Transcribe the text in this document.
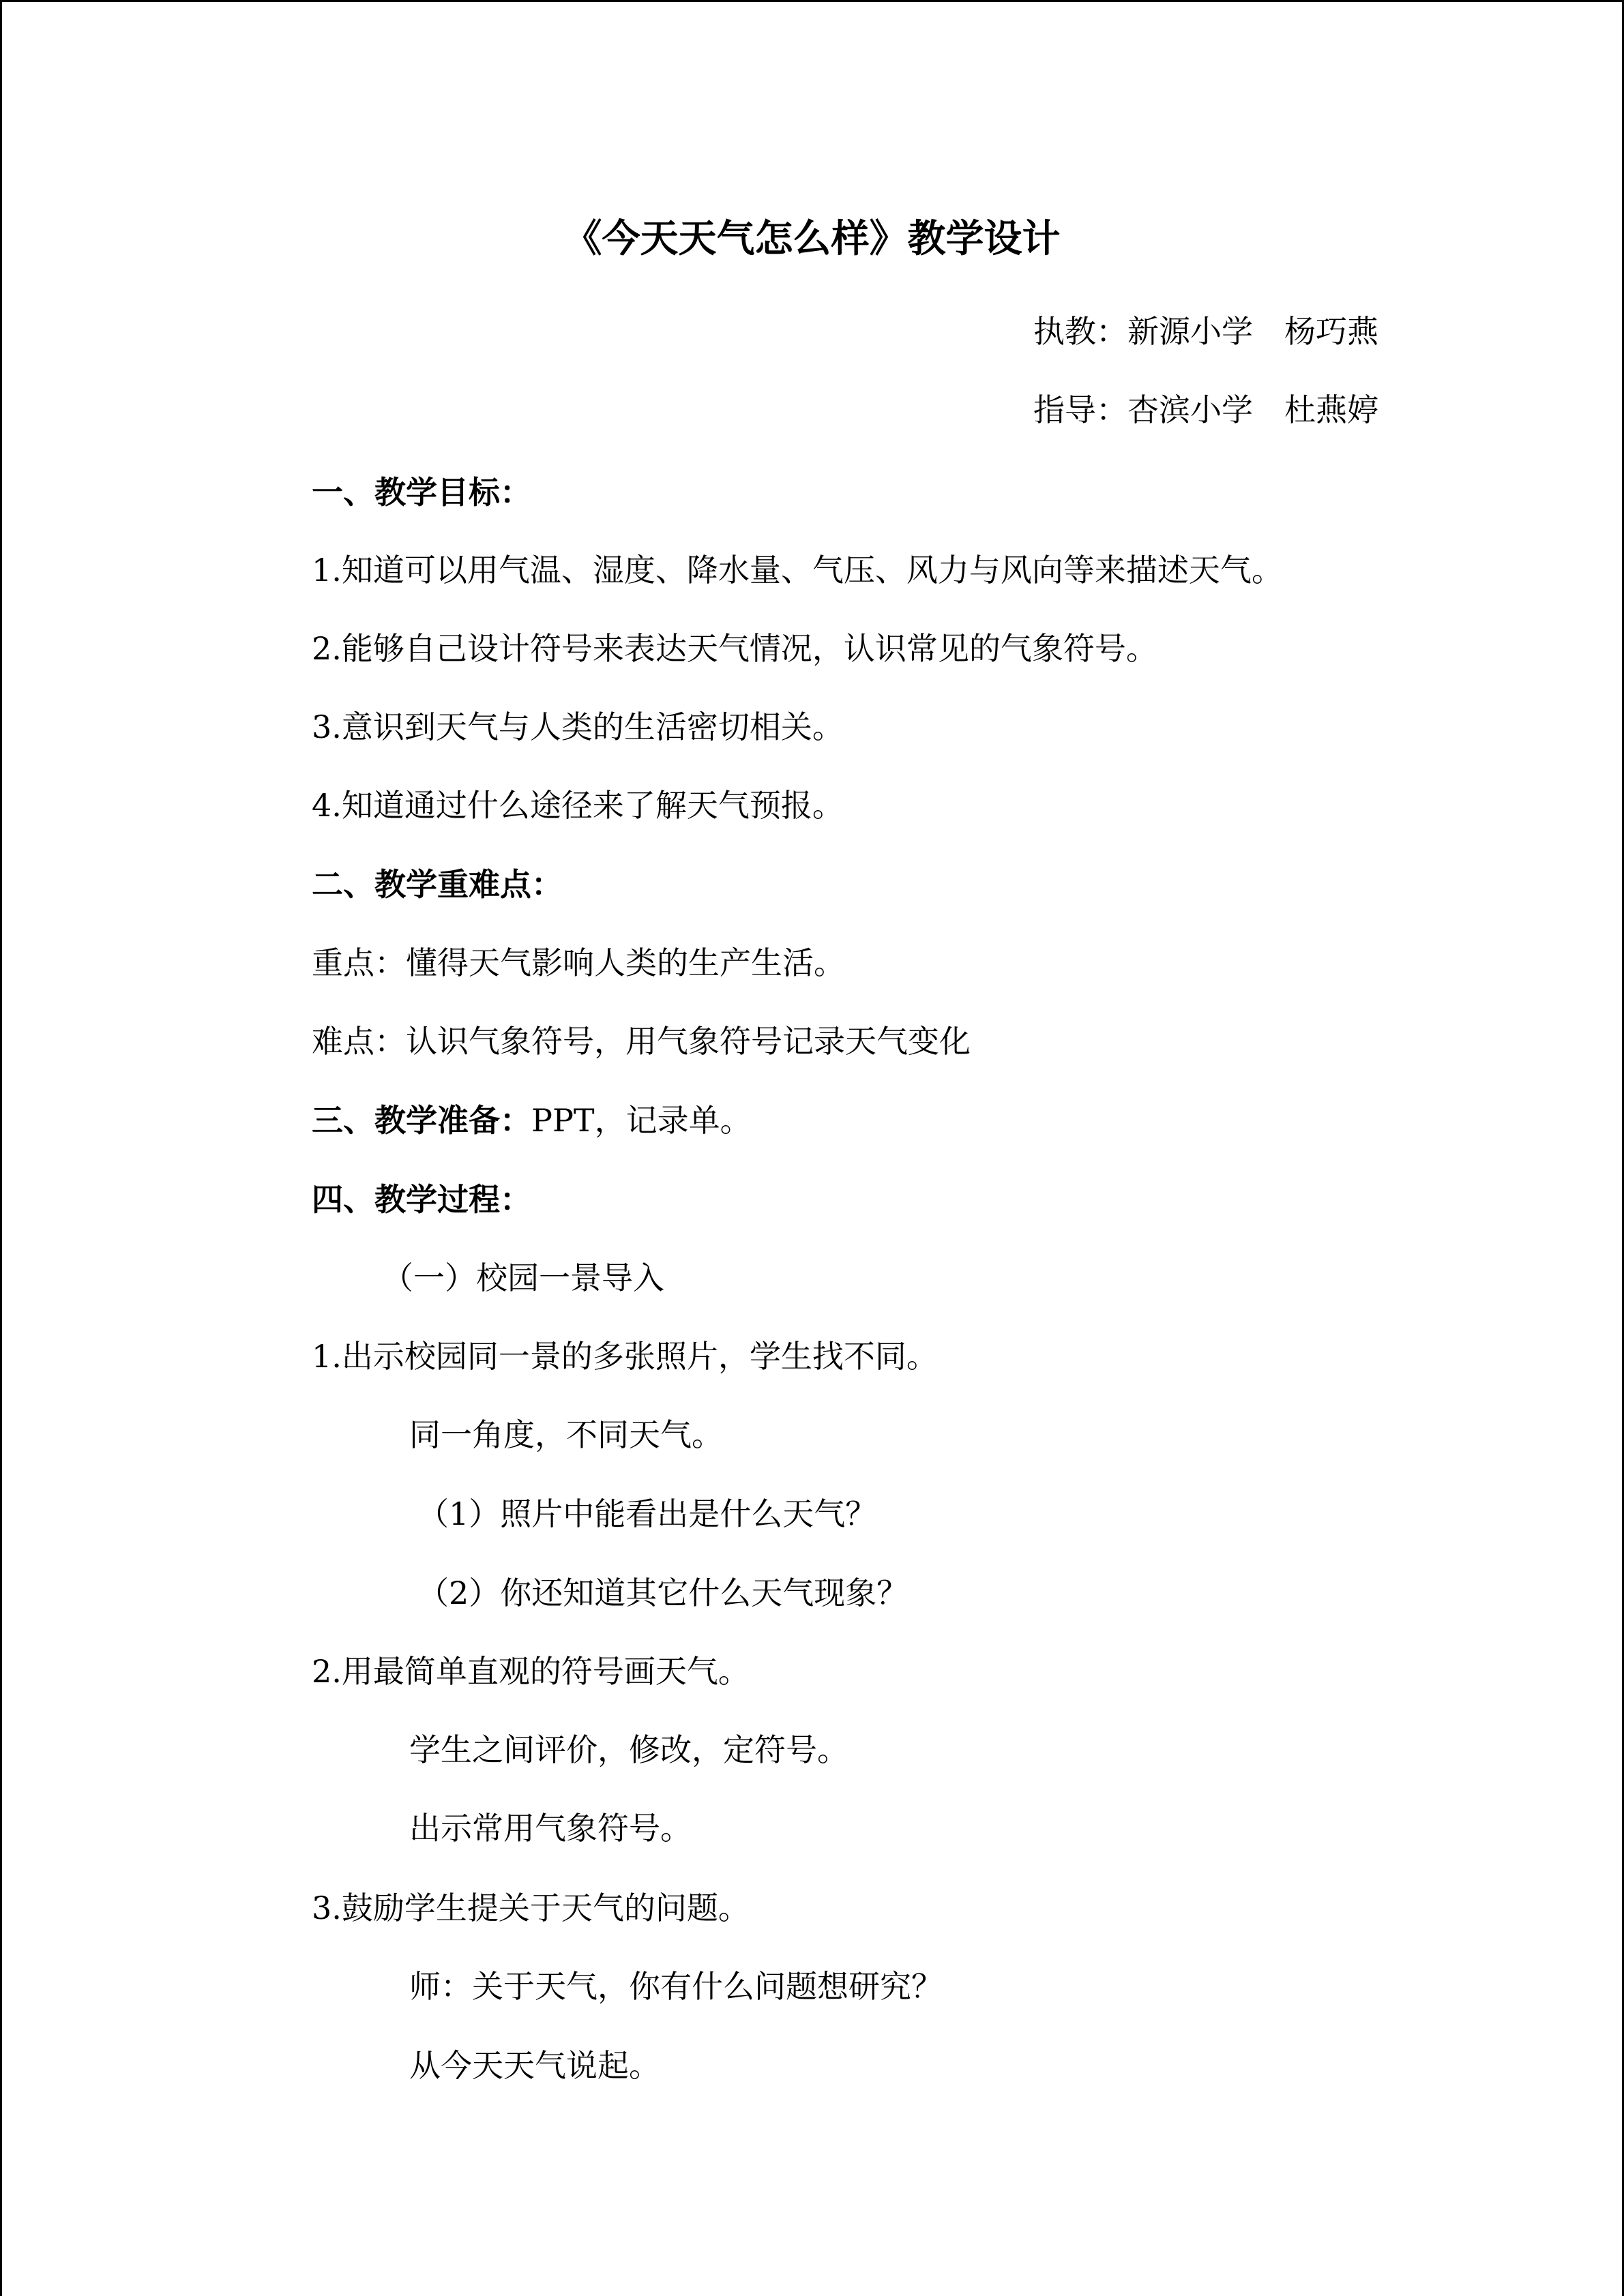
《今天天气怎么样》教学设计
执教：新源小学　杨巧燕
指导：杏滨小学　杜燕婷
一、教学目标：
1.知道可以用气温、湿度、降水量、气压、风力与风向等来描述天气。
2.能够自己设计符号来表达天气情况，认识常见的气象符号。
3.意识到天气与人类的生活密切相关。
4.知道通过什么途径来了解天气预报。
二、教学重难点：
重点：懂得天气影响人类的生产生活。
难点：认识气象符号，用气象符号记录天气变化
三、教学准备：PPT，记录单。
四、教学过程：
（一）校园一景导入
1.出示校园同一景的多张照片，学生找不同。
同一角度，不同天气。
（1）照片中能看出是什么天气？
（2）你还知道其它什么天气现象？
2.用最简单直观的符号画天气。
学生之间评价，修改，定符号。
出示常用气象符号。
3.鼓励学生提关于天气的问题。
师：关于天气，你有什么问题想研究？
从今天天气说起。
